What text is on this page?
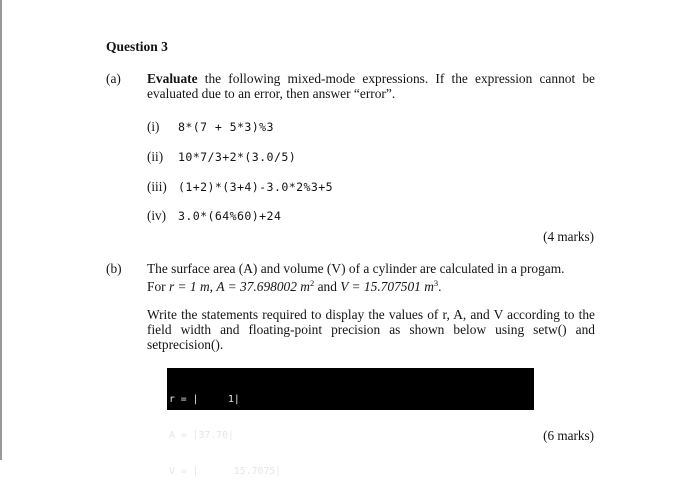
Question 3
(a) Evaluate the following mixed-mode expressions. If the expression cannot be evaluated due to an error, then answer “error”.
(i)	8*(7 + 5*3)%3
(ii)	10*7/3+2*(3.0/5)
(iii) (1+2)*(3+4)-3.0*2%3+5
(iv)	3.0*(64%60)+24
(4 marks)
(b) The surface area (A) and volume (V) of a cylinder are calculated in a progam.
For r = 1 m, A = 37.698002 $m^2$ and V = 15.707501 $m^3$.
Write the statements required to display the values of r, A, and V according to the field width and floating-point precision as shown below using setw() and setprecision().

r = |     1|

A = |37.70|

V = |      15.7075|

(6 marks)
